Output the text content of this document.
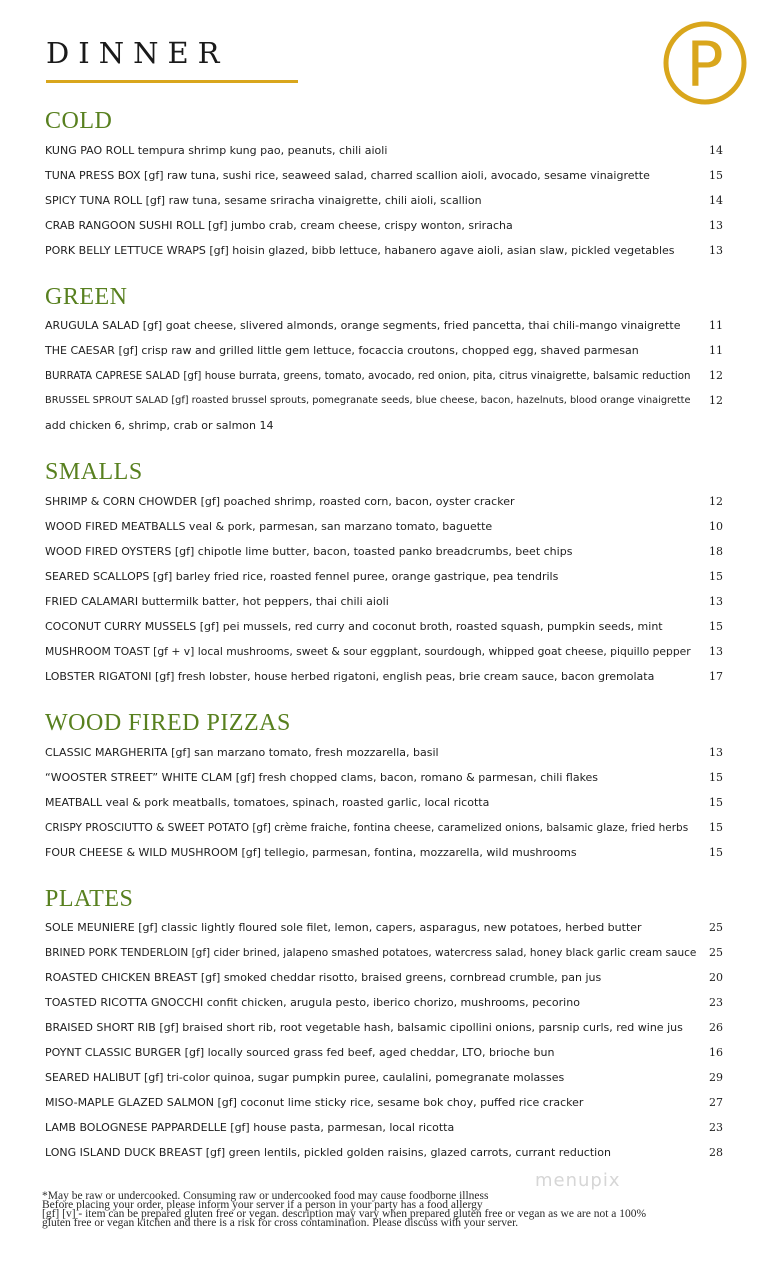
DINNER	P
COLD
KUNG PAO ROLL tempura shrimp kung pao, peanuts, chili aioli	14
TUNA PRESS BOX [gf] raw tuna, sushi rice, seaweed salad, charred scallion aioli, avocado, sesame vinaigrette	15
SPICY TUNA ROLL [gf] raw tuna, sesame sriracha vinaigrette, chili aioli, scallion	14
CRAB RANGOON SUSHI ROLL [gf] jumbo crab, cream cheese, crispy wonton, sriracha	13
PORK BELLY LETTUCE WRAPS [gf] hoisin glazed, bibb lettuce, habanero agave aioli, asian slaw, pickled vegetables	13
GREEN
ARUGULA SALAD [gf] goat cheese, slivered almonds, orange segments, fried pancetta, thai chili-mango vinaigrette	11
THE CAESAR [gf] crisp raw and grilled little gem lettuce, focaccia croutons, chopped egg, shaved parmesan	11
BURRATA CAPRESE SALAD [gf] house burrata, greens, tomato, avocado, red onion, pita, citrus vinaigrette, balsamic reduction 12
BRUSSEL SPROUT SALAD [gf] roasted brussel sprouts, pomegranate seeds, blue cheese, bacon, hazelnuts, blood orange vinaigrette 12
add chicken 6, shrimp, crab or salmon 14
SMALLS
SHRIMP & CORN CHOWDER [gf] poached shrimp, roasted corn, bacon, oyster cracker	12
WOOD FIRED MEATBALLS veal & pork, parmesan, san marzano tomato, baguette	10
WOOD FIRED OYSTERS [gf] chipotle lime butter, bacon, toasted panko breadcrumbs, beet chips	18
SEARED SCALLOPS [gf] barley fried rice, roasted fennel puree, orange gastrique, pea tendrils	15
FRIED CALAMARI buttermilk batter, hot peppers, thai chili aioli	13
COCONUT CURRY MUSSELS [gf] pei mussels, red curry and coconut broth, roasted squash, pumpkin seeds, mint	15
MUSHROOM TOAST [gf + v] local mushrooms, sweet & sour eggplant, sourdough, whipped goat cheese, piquillo pepper 13
LOBSTER RIGATONI [gf] fresh lobster, house herbed rigatoni, english peas, brie cream sauce, bacon gremolata	17
WOOD FIRED PIZZAS
CLASSIC MARGHERITA [gf] san marzano tomato, fresh mozzarella, basil	13
“WOOSTER STREET” WHITE CLAM [gf] fresh chopped clams, bacon, romano & parmesan, chili flakes	15
MEATBALL veal & pork meatballs, tomatoes, spinach, roasted garlic, local ricotta	15
CRISPY PROSCIUTTO & SWEET POTATO [gf] crème fraiche, fontina cheese, caramelized onions, balsamic glaze, fried herbs 15
FOUR CHEESE & WILD MUSHROOM [gf] tellegio, parmesan, fontina, mozzarella, wild mushrooms	15
PLATES
SOLE MEUNIERE [gf] classic lightly floured sole filet, lemon, capers, asparagus, new potatoes, herbed butter	25
BRINED PORK TENDERLOIN [gf] cider brined, jalapeno smashed potatoes, watercress salad, honey black garlic cream sauce 25
ROASTED CHICKEN BREAST [gf] smoked cheddar risotto, braised greens, cornbread crumble, pan jus	20
TOASTED RICOTTA GNOCCHI confit chicken, arugula pesto, iberico chorizo, mushrooms, pecorino	23
BRAISED SHORT RIB [gf] braised short rib, root vegetable hash, balsamic cipollini onions, parsnip curls, red wine jus 26
POYNT CLASSIC BURGER [gf] locally sourced grass fed beef, aged cheddar, LTO, brioche bun	16
SEARED HALIBUT [gf] tri-color quinoa, sugar pumpkin puree, caulalini, pomegranate molasses	29
MISO-MAPLE GLAZED SALMON [gf] coconut lime sticky rice, sesame bok choy, puffed rice cracker	27
LAMB BOLOGNESE PAPPARDELLE [gf] house pasta, parmesan, local ricotta	23
LONG ISLAND DUCK BREAST [gf] green lentils, pickled golden raisins, glazed carrots, currant reduction	28
menupix
*May be raw or undercooked. Consuming raw or undercooked food may cause foodborne illness
Before placing your order, please inform your server if a person in your party has a food allergy
[gf] [v] - item can be prepared gluten free or vegan. description may vary when prepared gluten free or vegan as we are not a 100%
gluten free or vegan kitchen and there is a risk for cross contamination. Please discuss with your server.
